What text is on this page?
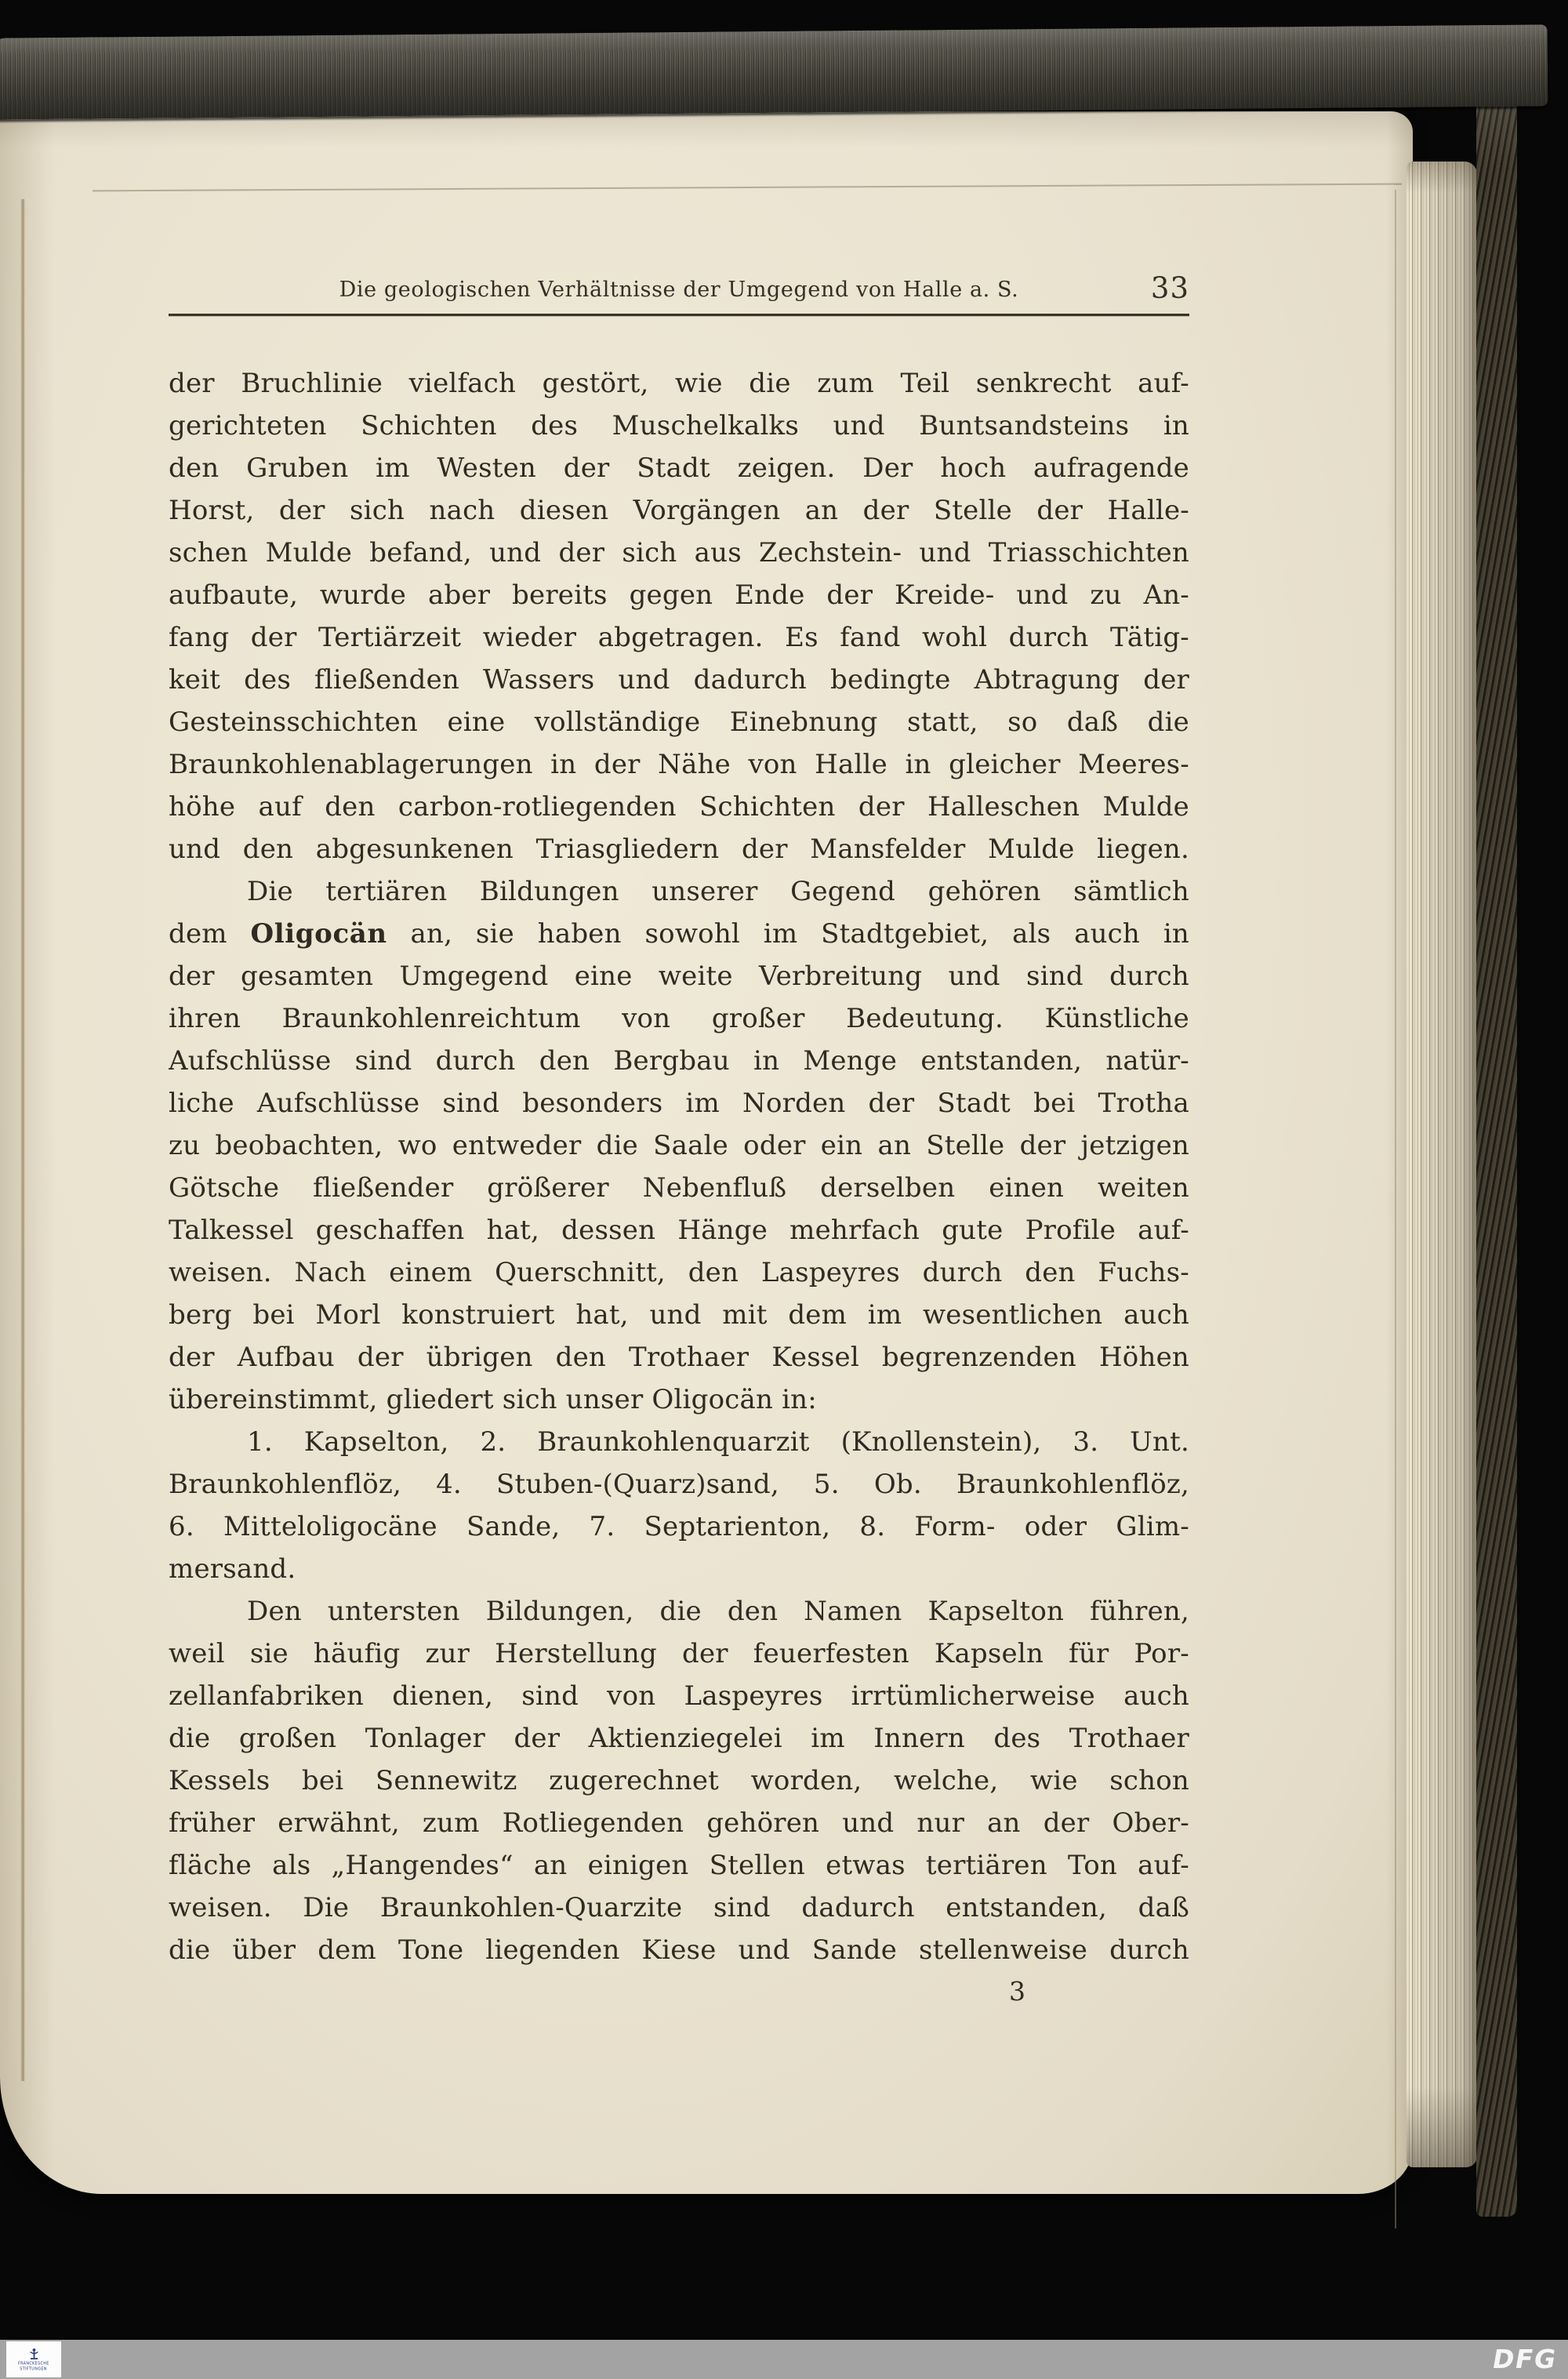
Die geologischen Verhältnisse der Umgegend von Halle a. S.	33
der Bruchlinie vielfach gestört, wie die zum Teil senkrecht auf-
gerichteten Schichten des Muschelkalks und Buntsandsteins in
den Gruben im Westen der Stadt zeigen. Der hoch aufragende
Horst, der sich nach diesen Vorgängen an der Stelle der Halle-
schen Mulde befand, und der sich aus Zechstein- und Triasschichten
aufbaute, wurde aber bereits gegen Ende der Kreide- und zu An-
fang der Tertiärzeit wieder abgetragen. Es fand wohl durch Tätig-
keit des fließenden Wassers und dadurch bedingte Abtragung der
Gesteinsschichten eine vollständige Einebnung statt, so daß die
Braunkohlenablagerungen in der Nähe von Halle in gleicher Meeres-
höhe auf den carbon-rotliegenden Schichten der Halleschen Mulde
und den abgesunkenen Triasgliedern der Mansfelder Mulde liegen.
Die tertiären Bildungen unserer Gegend gehören sämtlich
dem Oligocän an, sie haben sowohl im Stadtgebiet, als auch in
der gesamten Umgegend eine weite Verbreitung und sind durch
ihren Braunkohlenreichtum von großer Bedeutung. Künstliche
Aufschlüsse sind durch den Bergbau in Menge entstanden, natür-
liche Aufschlüsse sind besonders im Norden der Stadt bei Trotha
zu beobachten, wo entweder die Saale oder ein an Stelle der jetzigen
Götsche fließender größerer Nebenfluß derselben einen weiten
Talkessel geschaffen hat, dessen Hänge mehrfach gute Profile auf-
weisen. Nach einem Querschnitt, den Laspeyres durch den Fuchs-
berg bei Morl konstruiert hat, und mit dem im wesentlichen auch
der Aufbau der übrigen den Trothaer Kessel begrenzenden Höhen
übereinstimmt, gliedert sich unser Oligocän in:
1. Kapselton, 2. Braunkohlenquarzit (Knollenstein), 3. Unt.
Braunkohlenflöz, 4. Stuben-(Quarz)sand, 5. Ob. Braunkohlenflöz,
6. Mitteloligocäne Sande, 7. Septarienton, 8. Form- oder Glim-
mersand.
Den untersten Bildungen, die den Namen Kapselton führen,
weil sie häufig zur Herstellung der feuerfesten Kapseln für Por-
zellanfabriken dienen, sind von Laspeyres irrtümlicherweise auch
die großen Tonlager der Aktienziegelei im Innern des Trothaer
Kessels bei Sennewitz zugerechnet worden, welche, wie schon
früher erwähnt, zum Rotliegenden gehören und nur an der Ober-
fläche als „Hangendes“ an einigen Stellen etwas tertiären Ton auf-
weisen. Die Braunkohlen-Quarzite sind dadurch entstanden, daß
die über dem Tone liegenden Kiese und Sande stellenweise durch
3
FRANCKESCHE
STIFTUNGEN	DFG
